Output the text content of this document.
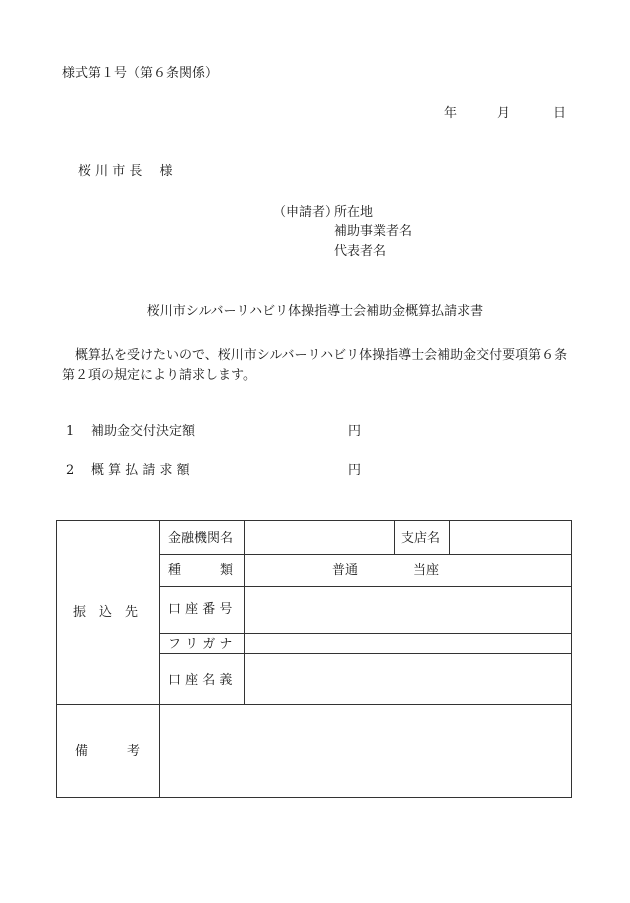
様式第１号（第６条関係）
年	月	日
桜 川 市 長　 様
（申請者）
所在地
補助事業者名
代表者名
桜川市シルバーリハビリ体操指導士会補助金概算払請求書
概算払を受けたいので、桜川市シルバーリハビリ体操指導士会補助金交付要項第６条第２項の規定により請求します。
1 補助金交付決定額	円
2 概 算 払 請 求 額	円
振　込　先
金融機関名	支店名
種　　　類	普通	当座
口 座 番 号
フ リ ガ ナ
口 座 名 義
備　　　考
